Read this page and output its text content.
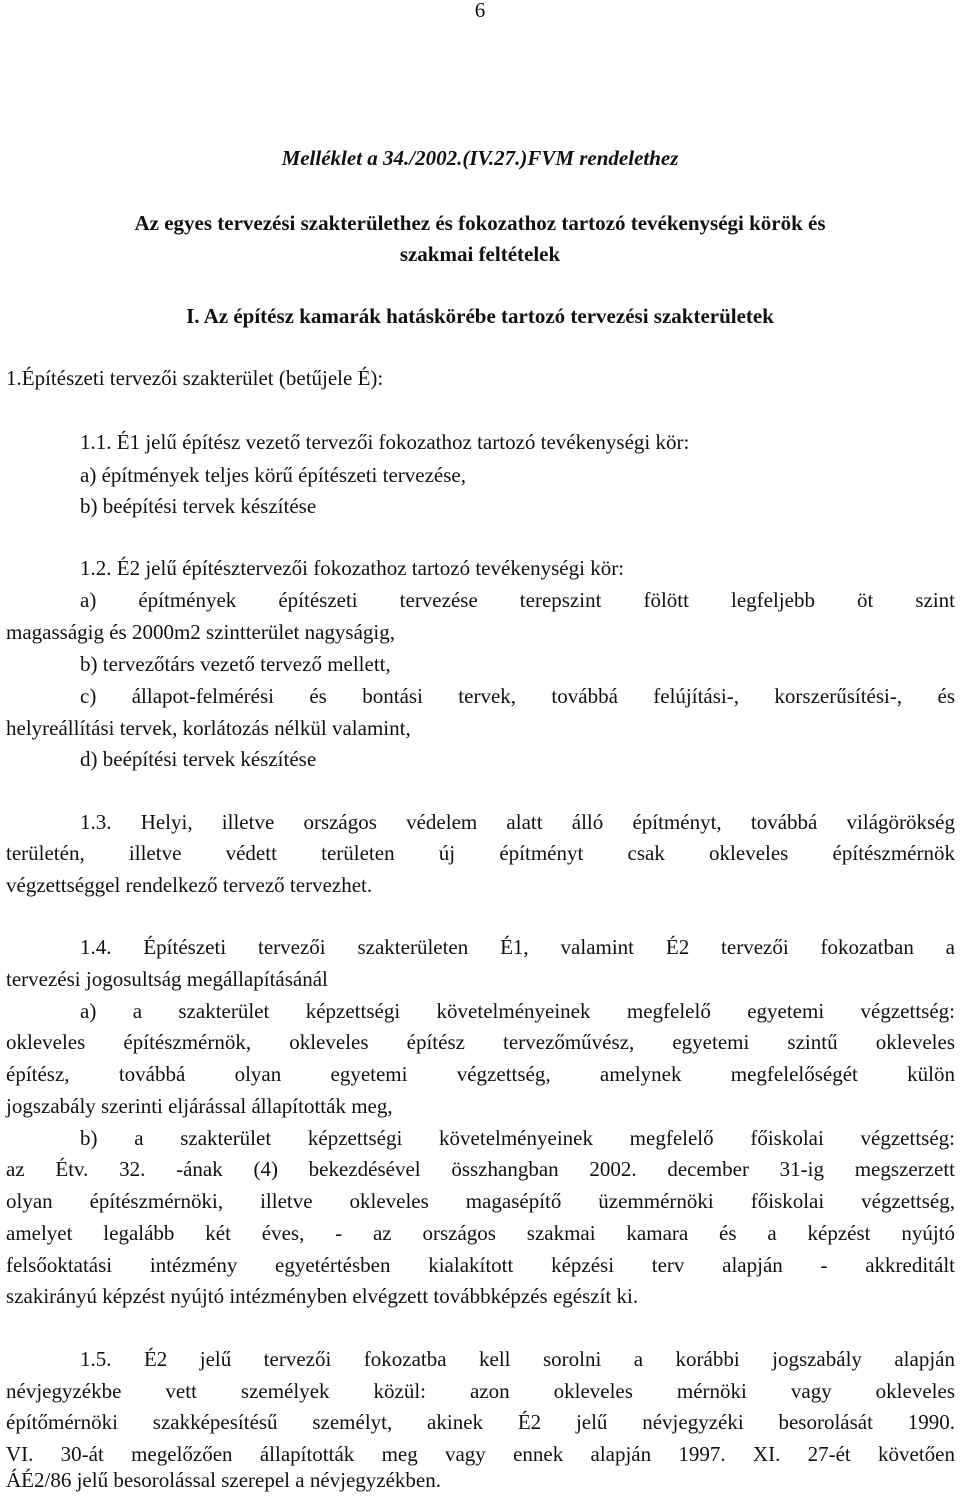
6
Melléklet a 34./2002.(IV.27.)FVM rendelethez
Az egyes tervezési szakterülethez és fokozathoz tartozó tevékenységi körök és
szakmai feltételek
I. Az építész kamarák hatáskörébe tartozó tervezési szakterületek
1.Építészeti tervezői szakterület (betűjele É):
1.1. É1 jelű építész vezető tervezői fokozathoz tartozó tevékenységi kör:
a) építmények teljes körű építészeti tervezése,
b) beépítési tervek készítése
1.2. É2 jelű építésztervezői fokozathoz tartozó tevékenységi kör:
a) építmények építészeti tervezése terepszint fölött legfeljebb öt szint
magasságig és 2000m2 szintterület nagyságig,
b) tervezőtárs vezető tervező mellett,
c) állapot-felmérési és bontási tervek, továbbá felújítási-, korszerűsítési-, és
helyreállítási tervek, korlátozás nélkül valamint,
d) beépítési tervek készítése
1.3. Helyi, illetve országos védelem alatt álló építményt, továbbá világörökség
területén, illetve védett területen új építményt csak okleveles építészmérnök
végzettséggel rendelkező tervező tervezhet.
1.4. Építészeti tervezői szakterületen É1, valamint É2 tervezői fokozatban a
tervezési jogosultság megállapításánál
a) a szakterület képzettségi követelményeinek megfelelő egyetemi végzettség:
okleveles építészmérnök, okleveles építész tervezőművész, egyetemi szintű okleveles
építész, továbbá olyan egyetemi végzettség, amelynek megfelelőségét külön
jogszabály szerinti eljárással állapították meg,
b) a szakterület képzettségi követelményeinek megfelelő főiskolai végzettség:
az Étv. 32. -ának (4) bekezdésével összhangban 2002. december 31-ig megszerzett
olyan építészmérnöki, illetve okleveles magasépítő üzemmérnöki főiskolai végzettség,
amelyet legalább két éves, - az országos szakmai kamara és a képzést nyújtó
felsőoktatási intézmény egyetértésben kialakított képzési terv alapján - akkreditált
szakirányú képzést nyújtó intézményben elvégzett továbbképzés egészít ki.
1.5. É2 jelű tervezői fokozatba kell sorolni a korábbi jogszabály alapján
névjegyzékbe vett személyek közül: azon okleveles mérnöki vagy okleveles
építőmérnöki szakképesítésű személyt, akinek É2 jelű névjegyzéki besorolását 1990.
VI. 30-át megelőzően állapították meg vagy ennek alapján 1997. XI. 27-ét követően
ÁÉ2/86 jelű besorolással szerepel a névjegyzékben.
